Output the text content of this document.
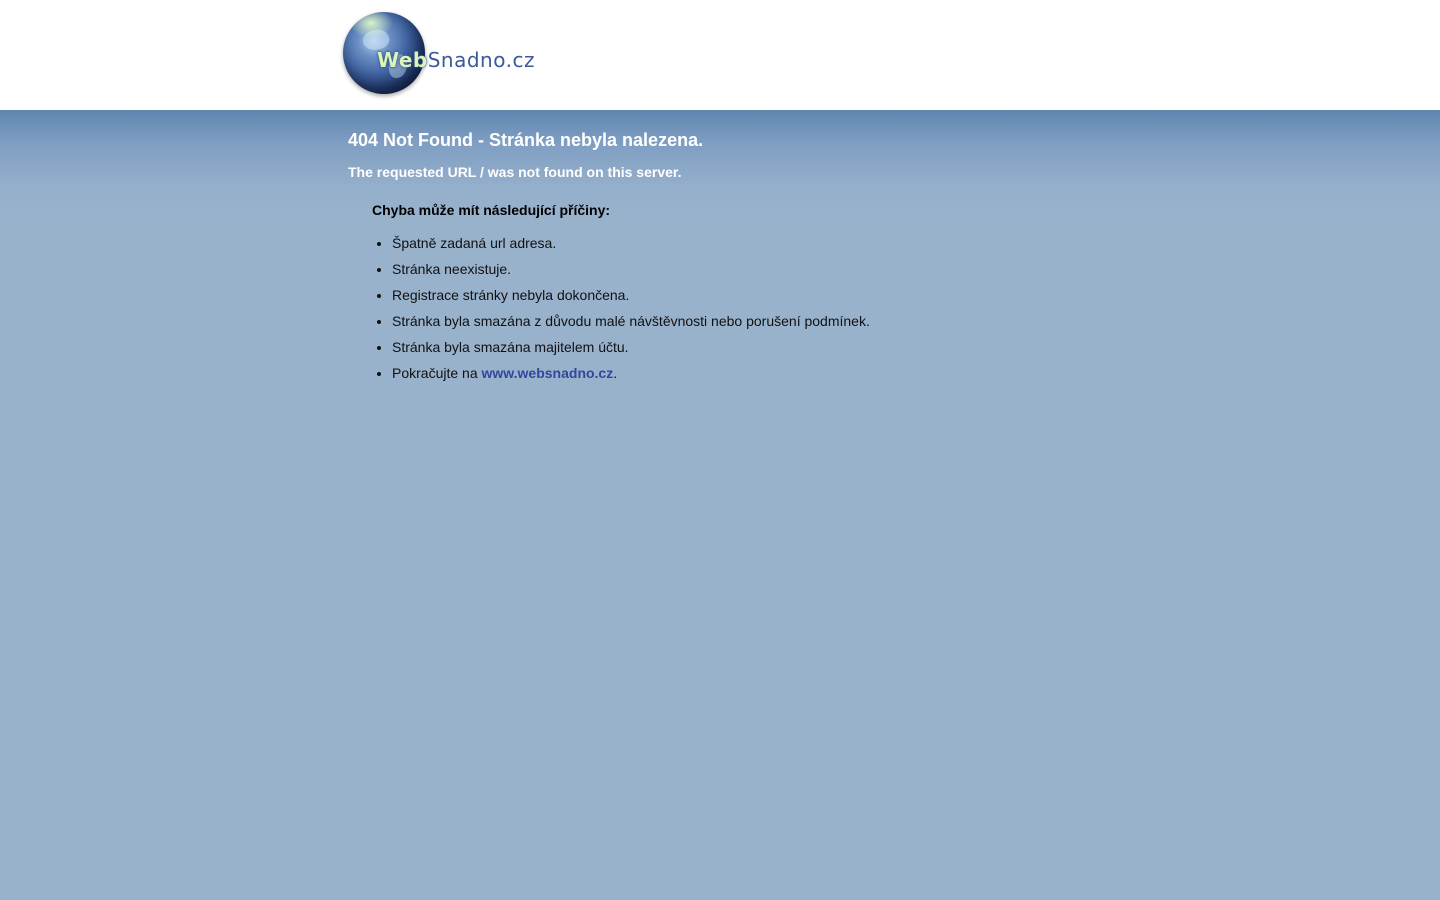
WebSnadno.cz
404 Not Found - Stránka nebyla nalezena.

The requested URL / was not found on this server.

Chyba může mít následující příčiny:

• Špatně zadaná url adresa.
• Stránka neexistuje.
• Registrace stránky nebyla dokončena.
• Stránka byla smazána z důvodu malé návštěvnosti nebo porušení podmínek.
• Stránka byla smazána majitelem účtu.
• Pokračujte na www.websnadno.cz.
